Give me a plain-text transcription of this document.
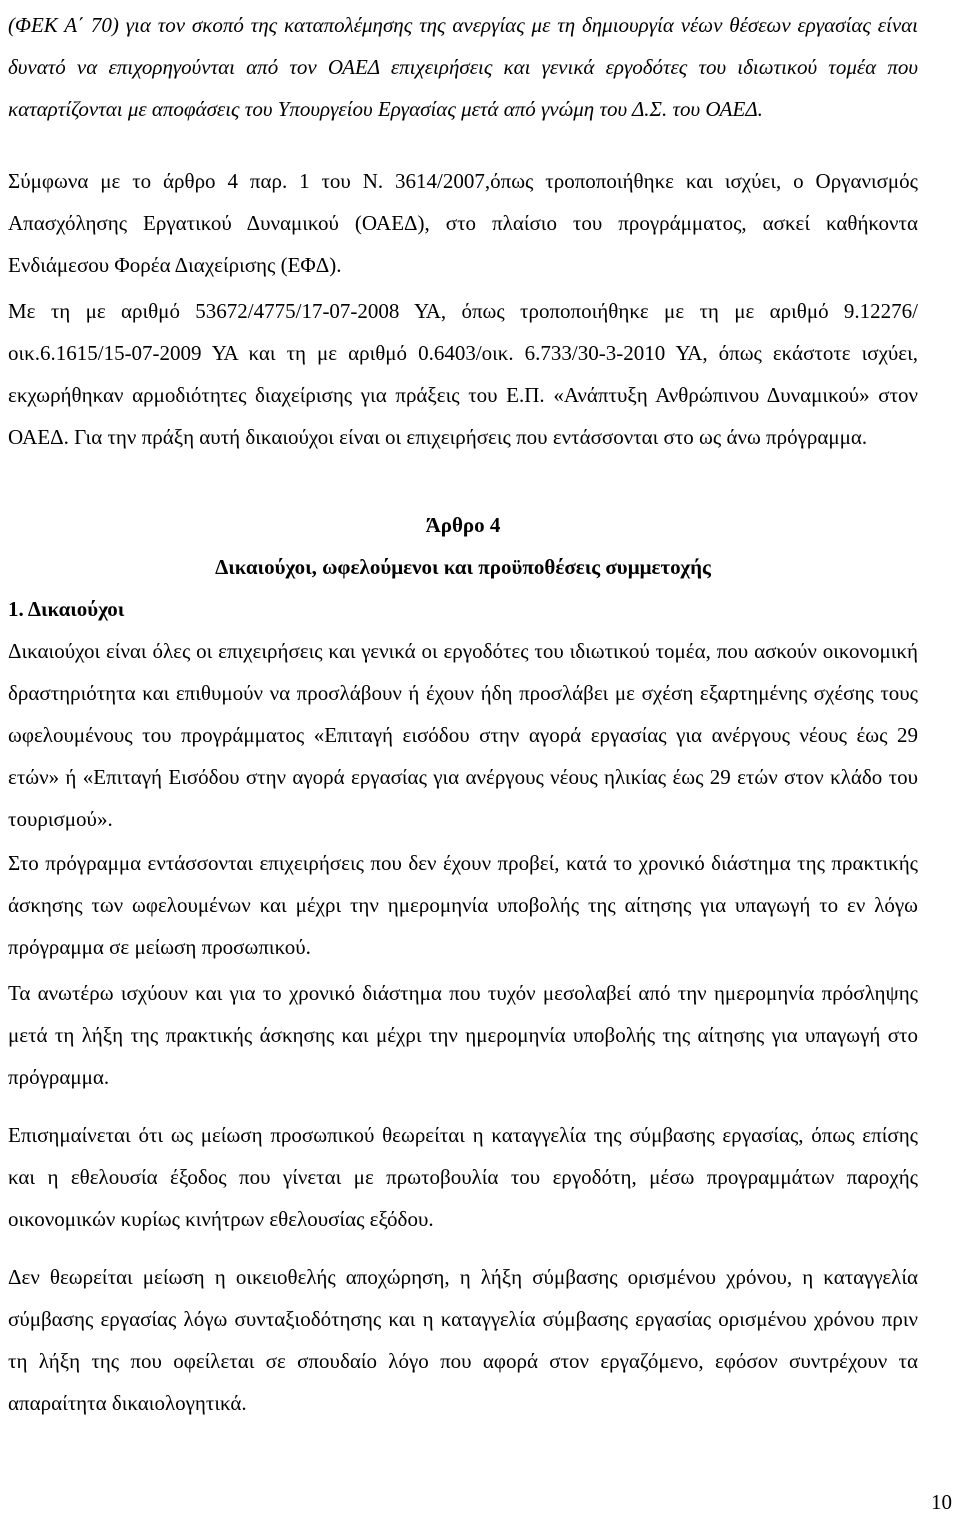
(ΦΕΚ Α΄ 70) για τον σκοπό της καταπολέμησης της ανεργίας με τη δημιουργία νέων θέσεων εργασίας είναι δυνατό να επιχορηγούνται από τον ΟΑΕΔ επιχειρήσεις και γενικά εργοδότες του ιδιωτικού τομέα που καταρτίζονται με αποφάσεις του Υπουργείου Εργασίας μετά από γνώμη του Δ.Σ. του ΟΑΕΔ.

Σύμφωνα με το άρθρο 4 παρ. 1 του Ν. 3614/2007,όπως τροποποιήθηκε και ισχύει, ο Οργανισμός Απασχόλησης Εργατικού Δυναμικού (ΟΑΕΔ), στο πλαίσιο του προγράμματος, ασκεί καθήκοντα Ενδιάμεσου Φορέα Διαχείρισης (ΕΦΔ).

Με τη με αριθμό 53672/4775/17-07-2008 ΥΑ, όπως τροποποιήθηκε με τη με αριθμό 9.12276/οικ.6.1615/15-07-2009 ΥΑ και τη με αριθμό 0.6403/οικ. 6.733/30-3-2010 ΥΑ, όπως εκάστοτε ισχύει, εκχωρήθηκαν αρμοδιότητες διαχείρισης για πράξεις του Ε.Π. «Ανάπτυξη Ανθρώπινου Δυναμικού» στον ΟΑΕΔ. Για την πράξη αυτή δικαιούχοι είναι οι επιχειρήσεις που εντάσσονται στο ως άνω πρόγραμμα.

Άρθρο 4

Δικαιούχοι, ωφελούμενοι και προϋποθέσεις συμμετοχής

1. Δικαιούχοι

Δικαιούχοι είναι όλες οι επιχειρήσεις και γενικά οι εργοδότες του ιδιωτικού τομέα, που ασκούν οικονομική δραστηριότητα και επιθυμούν να προσλάβουν ή έχουν ήδη προσλάβει με σχέση εξαρτημένης σχέσης τους ωφελουμένους του προγράμματος «Επιταγή εισόδου στην αγορά εργασίας για ανέργους νέους έως 29 ετών» ή «Επιταγή Εισόδου στην αγορά εργασίας για ανέργους νέους ηλικίας έως 29 ετών στον κλάδο του τουρισμού».

Στο πρόγραμμα εντάσσονται επιχειρήσεις που δεν έχουν προβεί, κατά το χρονικό διάστημα της πρακτικής άσκησης των ωφελουμένων και μέχρι την ημερομηνία υποβολής της αίτησης για υπαγωγή το εν λόγω πρόγραμμα σε μείωση προσωπικού.

Τα ανωτέρω ισχύουν και για το χρονικό διάστημα που τυχόν μεσολαβεί από την ημερομηνία πρόσληψης μετά τη λήξη της πρακτικής άσκησης και μέχρι την ημερομηνία υποβολής της αίτησης για υπαγωγή στο πρόγραμμα.

Επισημαίνεται ότι ως μείωση προσωπικού θεωρείται η καταγγελία της σύμβασης εργασίας, όπως επίσης και η εθελουσία έξοδος που γίνεται με πρωτοβουλία του εργοδότη, μέσω προγραμμάτων παροχής οικονομικών κυρίως κινήτρων εθελουσίας εξόδου.

Δεν θεωρείται μείωση η οικειοθελής αποχώρηση, η λήξη σύμβασης ορισμένου χρόνου, η καταγγελία σύμβασης εργασίας λόγω συνταξιοδότησης και η καταγγελία σύμβασης εργασίας ορισμένου χρόνου πριν τη λήξη της που οφείλεται σε σπουδαίο λόγο που αφορά στον εργαζόμενο, εφόσον συντρέχουν τα απαραίτητα δικαιολογητικά.

10
